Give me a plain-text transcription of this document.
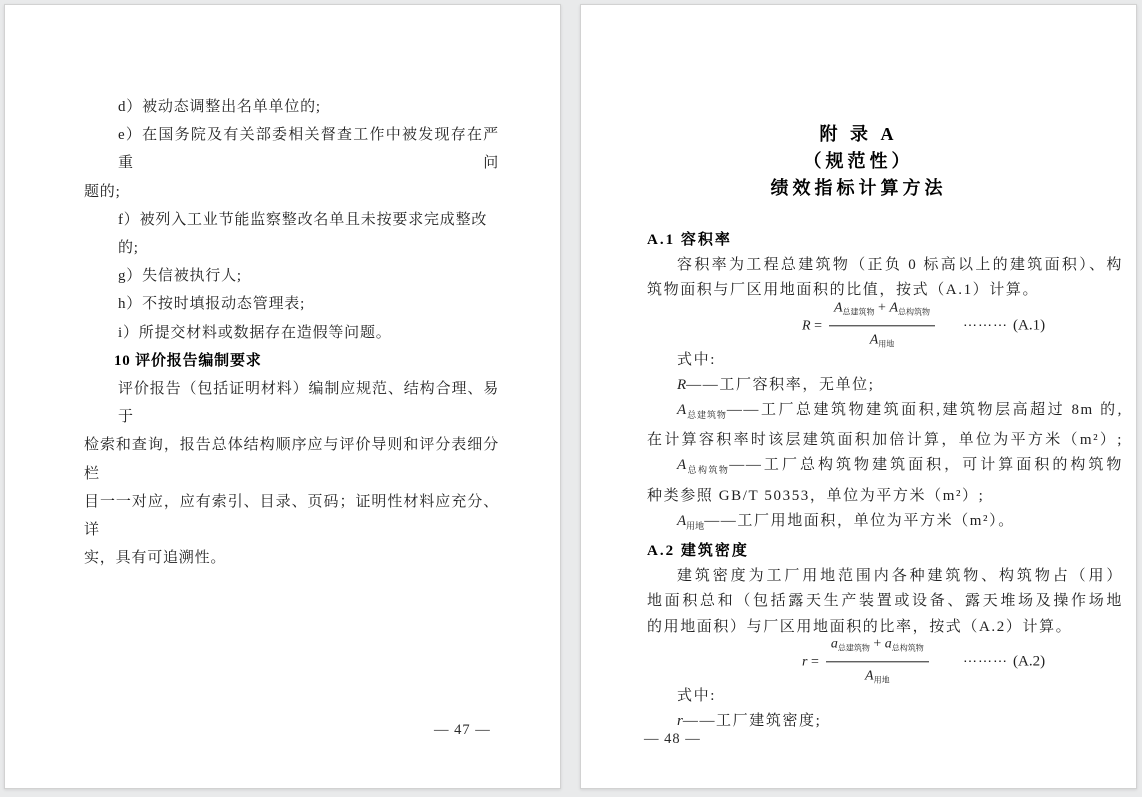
d）被动态调整出名单单位的;
e）在国务院及有关部委相关督查工作中被发现存在严重问
题的;
f）被列入工业节能监察整改名单且未按要求完成整改的;
g）失信被执行人;
h）不按时填报动态管理表;
i）所提交材料或数据存在造假等问题。
10 评价报告编制要求
评价报告（包括证明材料）编制应规范、结构合理、易于
检索和查询，报告总体结构顺序应与评价导则和评分表细分栏
目一一对应，应有索引、目录、页码；证明性材料应充分、详
实，具有可追溯性。
— 47 —
附 录 A
（规范性）
绩效指标计算方法
A.1 容积率
容积率为工程总建筑物（正负 0 标高以上的建筑面积）、构
筑物面积与厂区用地面积的比值，按式（A.1）计算。
$R = \frac{A_{总建筑物} + A_{总构筑物}}{A_{用地}}$ ⋯⋯⋯ (A.1)
式中:
R——工厂容积率，无单位;
$A_{总建筑物}——$工厂总建筑物建筑面积,建筑物层高超过 8m 的,
在计算容积率时该层建筑面积加倍计算，单位为平方米（m²）;
$A_{总构筑物}——$工厂总构筑物建筑面积，可计算面积的构筑物
种类参照 GB/T 50353，单位为平方米（m²）;
$A_{用地}——$工厂用地面积，单位为平方米（m²）。
A.2 建筑密度
建筑密度为工厂用地范围内各种建筑物、构筑物占（用）
地面积总和（包括露天生产装置或设备、露天堆场及操作场地
的用地面积）与厂区用地面积的比率，按式（A.2）计算。
$r = \frac{a_{总建筑物} + a_{总构筑物}}{A_{用地}}$ ⋯⋯⋯ (A.2)
式中:
r——工厂建筑密度;
— 48 —
